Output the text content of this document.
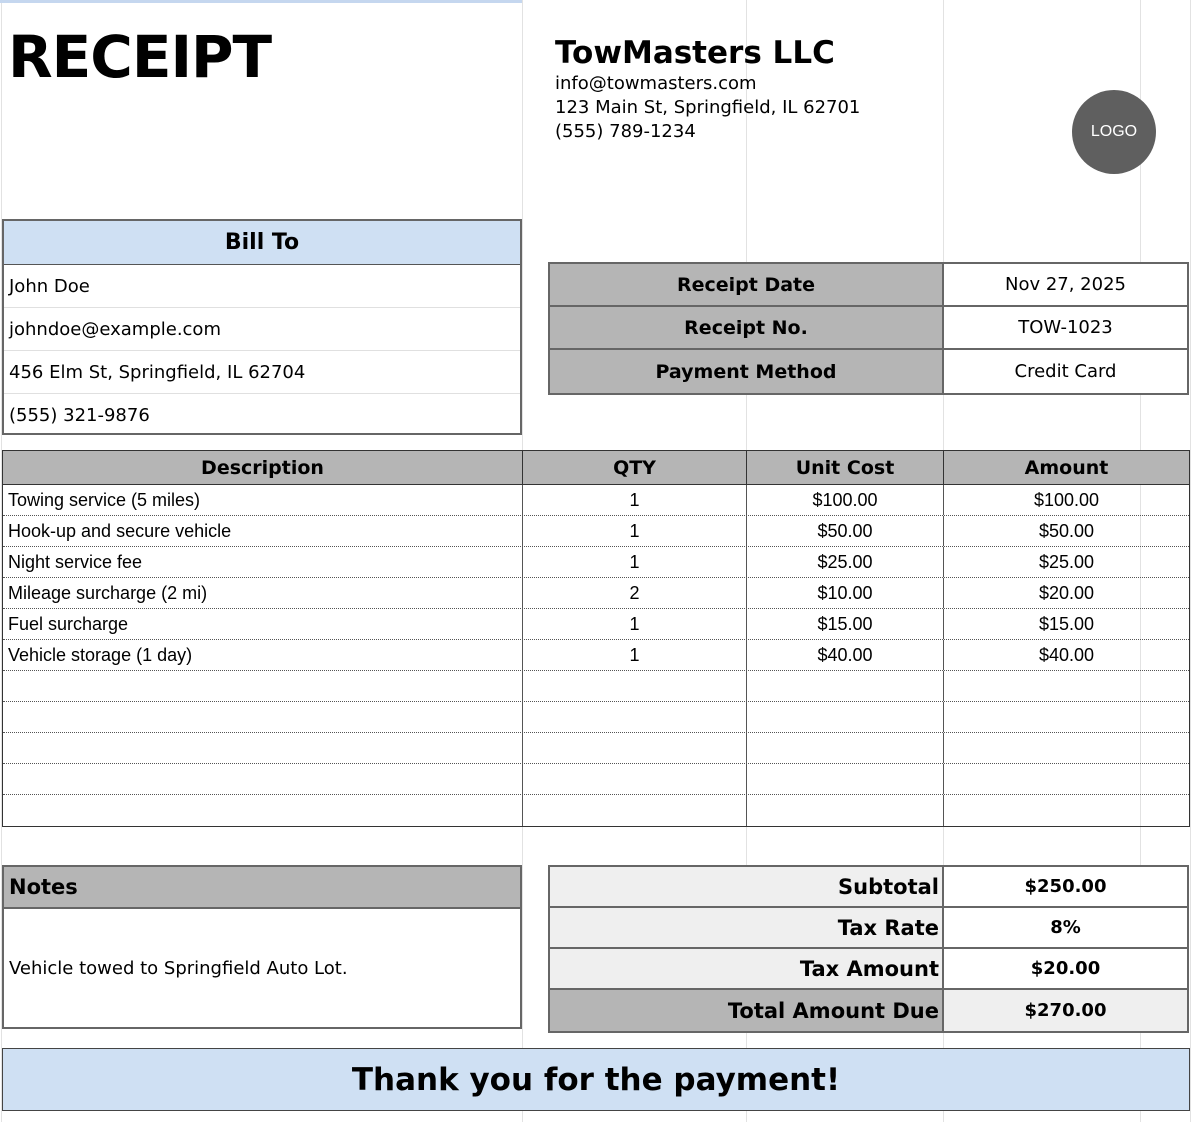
RECEIPT	TowMasters LLC
info@towmasters.com
123 Main St, Springfield, IL 62701
(555) 789-1234	LOGO
Bill To
John Doe
johndoe@example.com
456 Elm St, Springfield, IL 62704
(555) 321-9876
Receipt Date	Nov 27, 2025
Receipt No.	TOW-1023
Payment Method	Credit Card
Description	QTY	Unit Cost	Amount
Towing service (5 miles)	1	$100.00	$100.00
Hook-up and secure vehicle	1	$50.00	$50.00
Night service fee	1	$25.00	$25.00
Mileage surcharge (2 mi)	2	$10.00	$20.00
Fuel surcharge	1	$15.00	$15.00
Vehicle storage (1 day)	1	$40.00	$40.00
Notes
Vehicle towed to Springfield Auto Lot.
Subtotal	$250.00
Tax Rate	8%
Tax Amount	$20.00
Total Amount Due	$270.00
Thank you for the payment!
